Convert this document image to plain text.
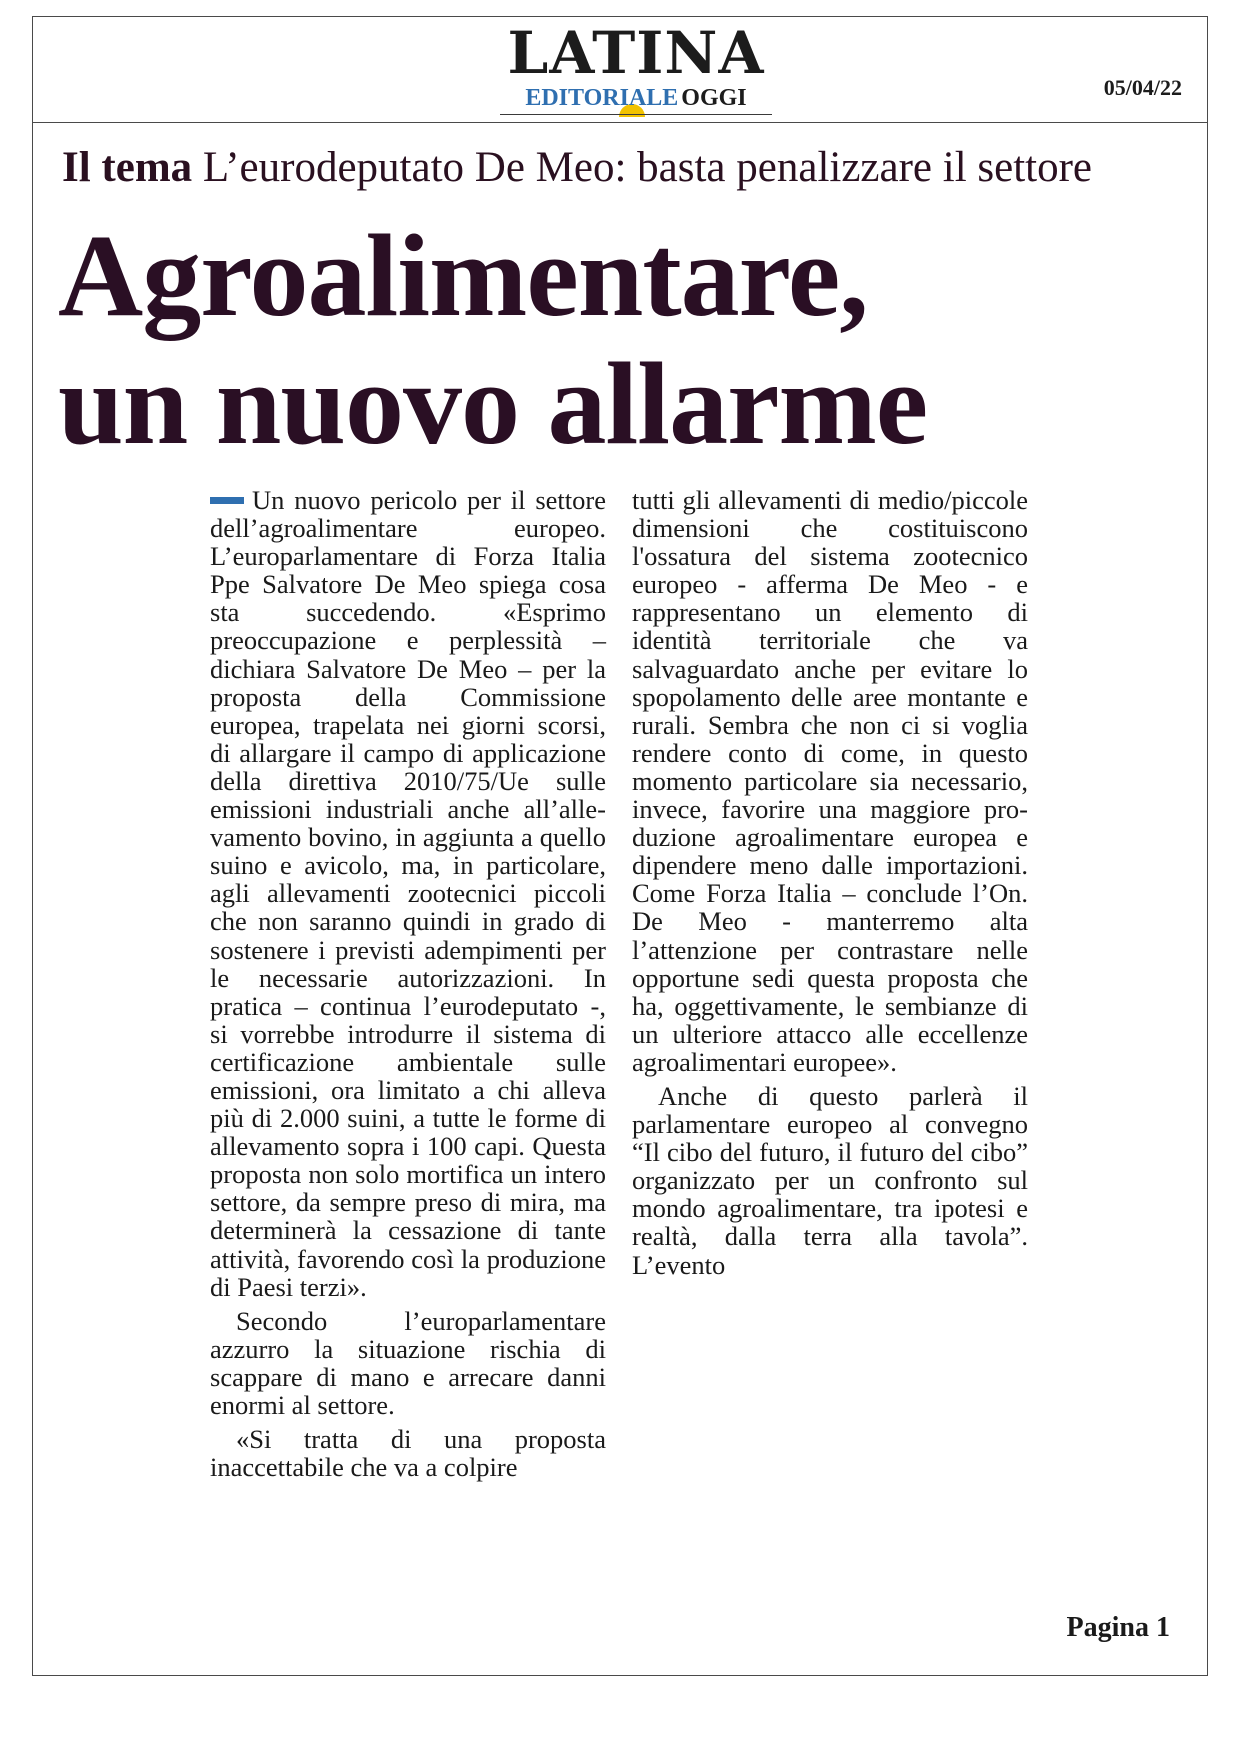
LATINA
EDITORIALE OGGI	05/04/22
Il tema L’eurodeputato De Meo: basta penalizzare il settore
Agroalimentare,
un nuovo allarme

Un nuovo pericolo per il settore dell’agroalimentare europeo. L’europarlamentare di Forza Italia Ppe Salvatore De Meo spiega cosa sta succedendo. «Esprimo preoccupazione e perplessità – dichiara Salvatore De Meo – per la proposta della Commissione europea, trapelata nei giorni scorsi, di allargare il campo di applicazione della direttiva 2010/75/Ue sulle emissioni industriali anche all’allevamento bovino, in aggiunta a quello suino e avicolo, ma, in particolare, agli allevamenti zootecnici piccoli che non saranno quindi in grado di sostenere i previsti adempimenti per le necessarie autorizzazioni. In pratica – continua l’eurodeputato -, si vorrebbe introdurre il sistema di certificazione ambientale sulle emissioni, ora limitato a chi alleva più di 2.000 suini, a tutte le forme di allevamento sopra i 100 capi. Questa proposta non solo mortifica un intero settore, da sempre preso di mira, ma determinerà la cessazione di tante attività, favorendo così la produzione di Paesi terzi».

Secondo l’europarlamentare azzurro la situazione rischia di scappare di mano e arrecare danni enormi al settore.

«Si tratta di una proposta inaccettabile che va a colpire

tutti gli allevamenti di medio/piccole dimensioni che costituiscono l'ossatura del sistema zootecnico europeo - afferma De Meo - e rappresentano un elemento di identità territoriale che va salvaguardato anche per evitare lo spopolamento delle aree montante e rurali. Sembra che non ci si voglia rendere conto di come, in questo momento particolare sia necessario, invece, favorire una maggiore produzione agroalimentare europea e dipendere meno dalle importazioni. Come Forza Italia – conclude l’On. De Meo - manterremo alta l’attenzione per contrastare nelle opportune sedi questa proposta che ha, oggettivamente, le sembianze di un ulteriore attacco alle eccellenze agroalimentari europee».

Anche di questo parlerà il parlamentare europeo al convegno “Il cibo del futuro, il futuro del cibo” organizzato per un confronto sul mondo agroalimentare, tra ipotesi e realtà, dalla terra alla tavola”. L’evento

Pagina 1
